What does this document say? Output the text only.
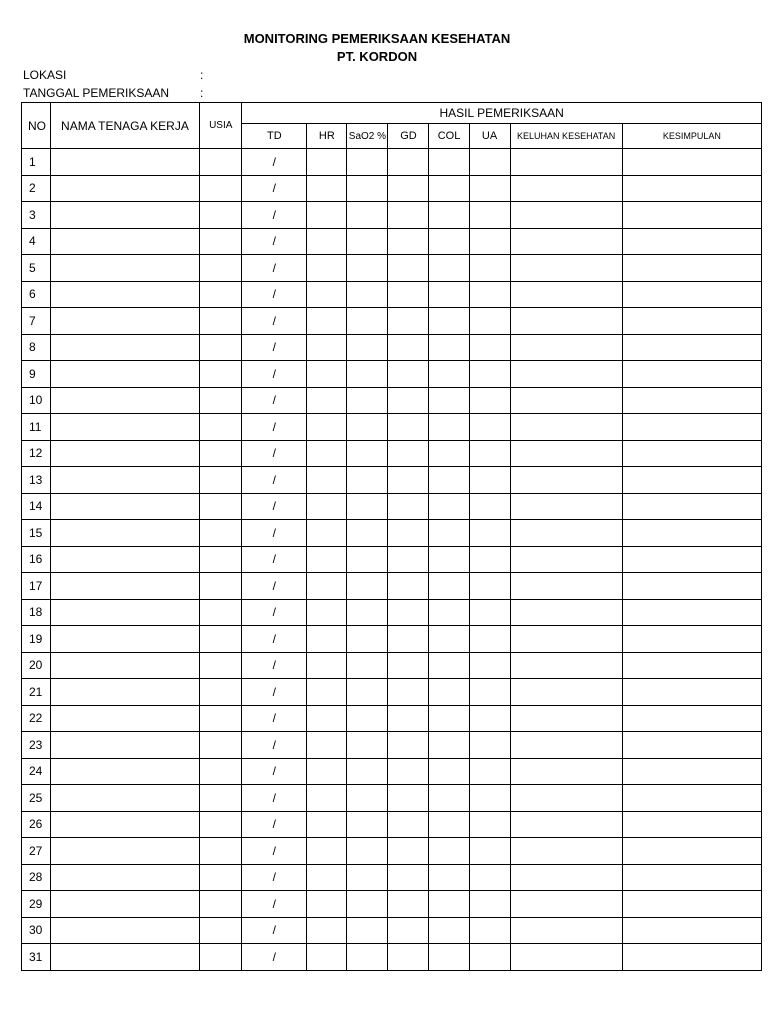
MONITORING PEMERIKSAAN KESEHATAN
PT. KORDON
LOKASI	:
TANGGAL PEMERIKSAAN	:
NO	NAMA TENAGA KERJA	USIA	HASIL PEMERIKSAAN							
			TD	HR	SaO2 %	GD	COL	UA	KELUHAN KESEHATAN	KESIMPULAN
1			/							
2			/							
3			/							
4			/							
5			/							
6			/							
7			/							
8			/							
9			/							
10			/							
11			/							
12			/							
13			/							
14			/							
15			/							
16			/							
17			/							
18			/							
19			/							
20			/							
21			/							
22			/							
23			/							
24			/							
25			/							
26			/							
27			/							
28			/							
29			/							
30			/							
31			/							
